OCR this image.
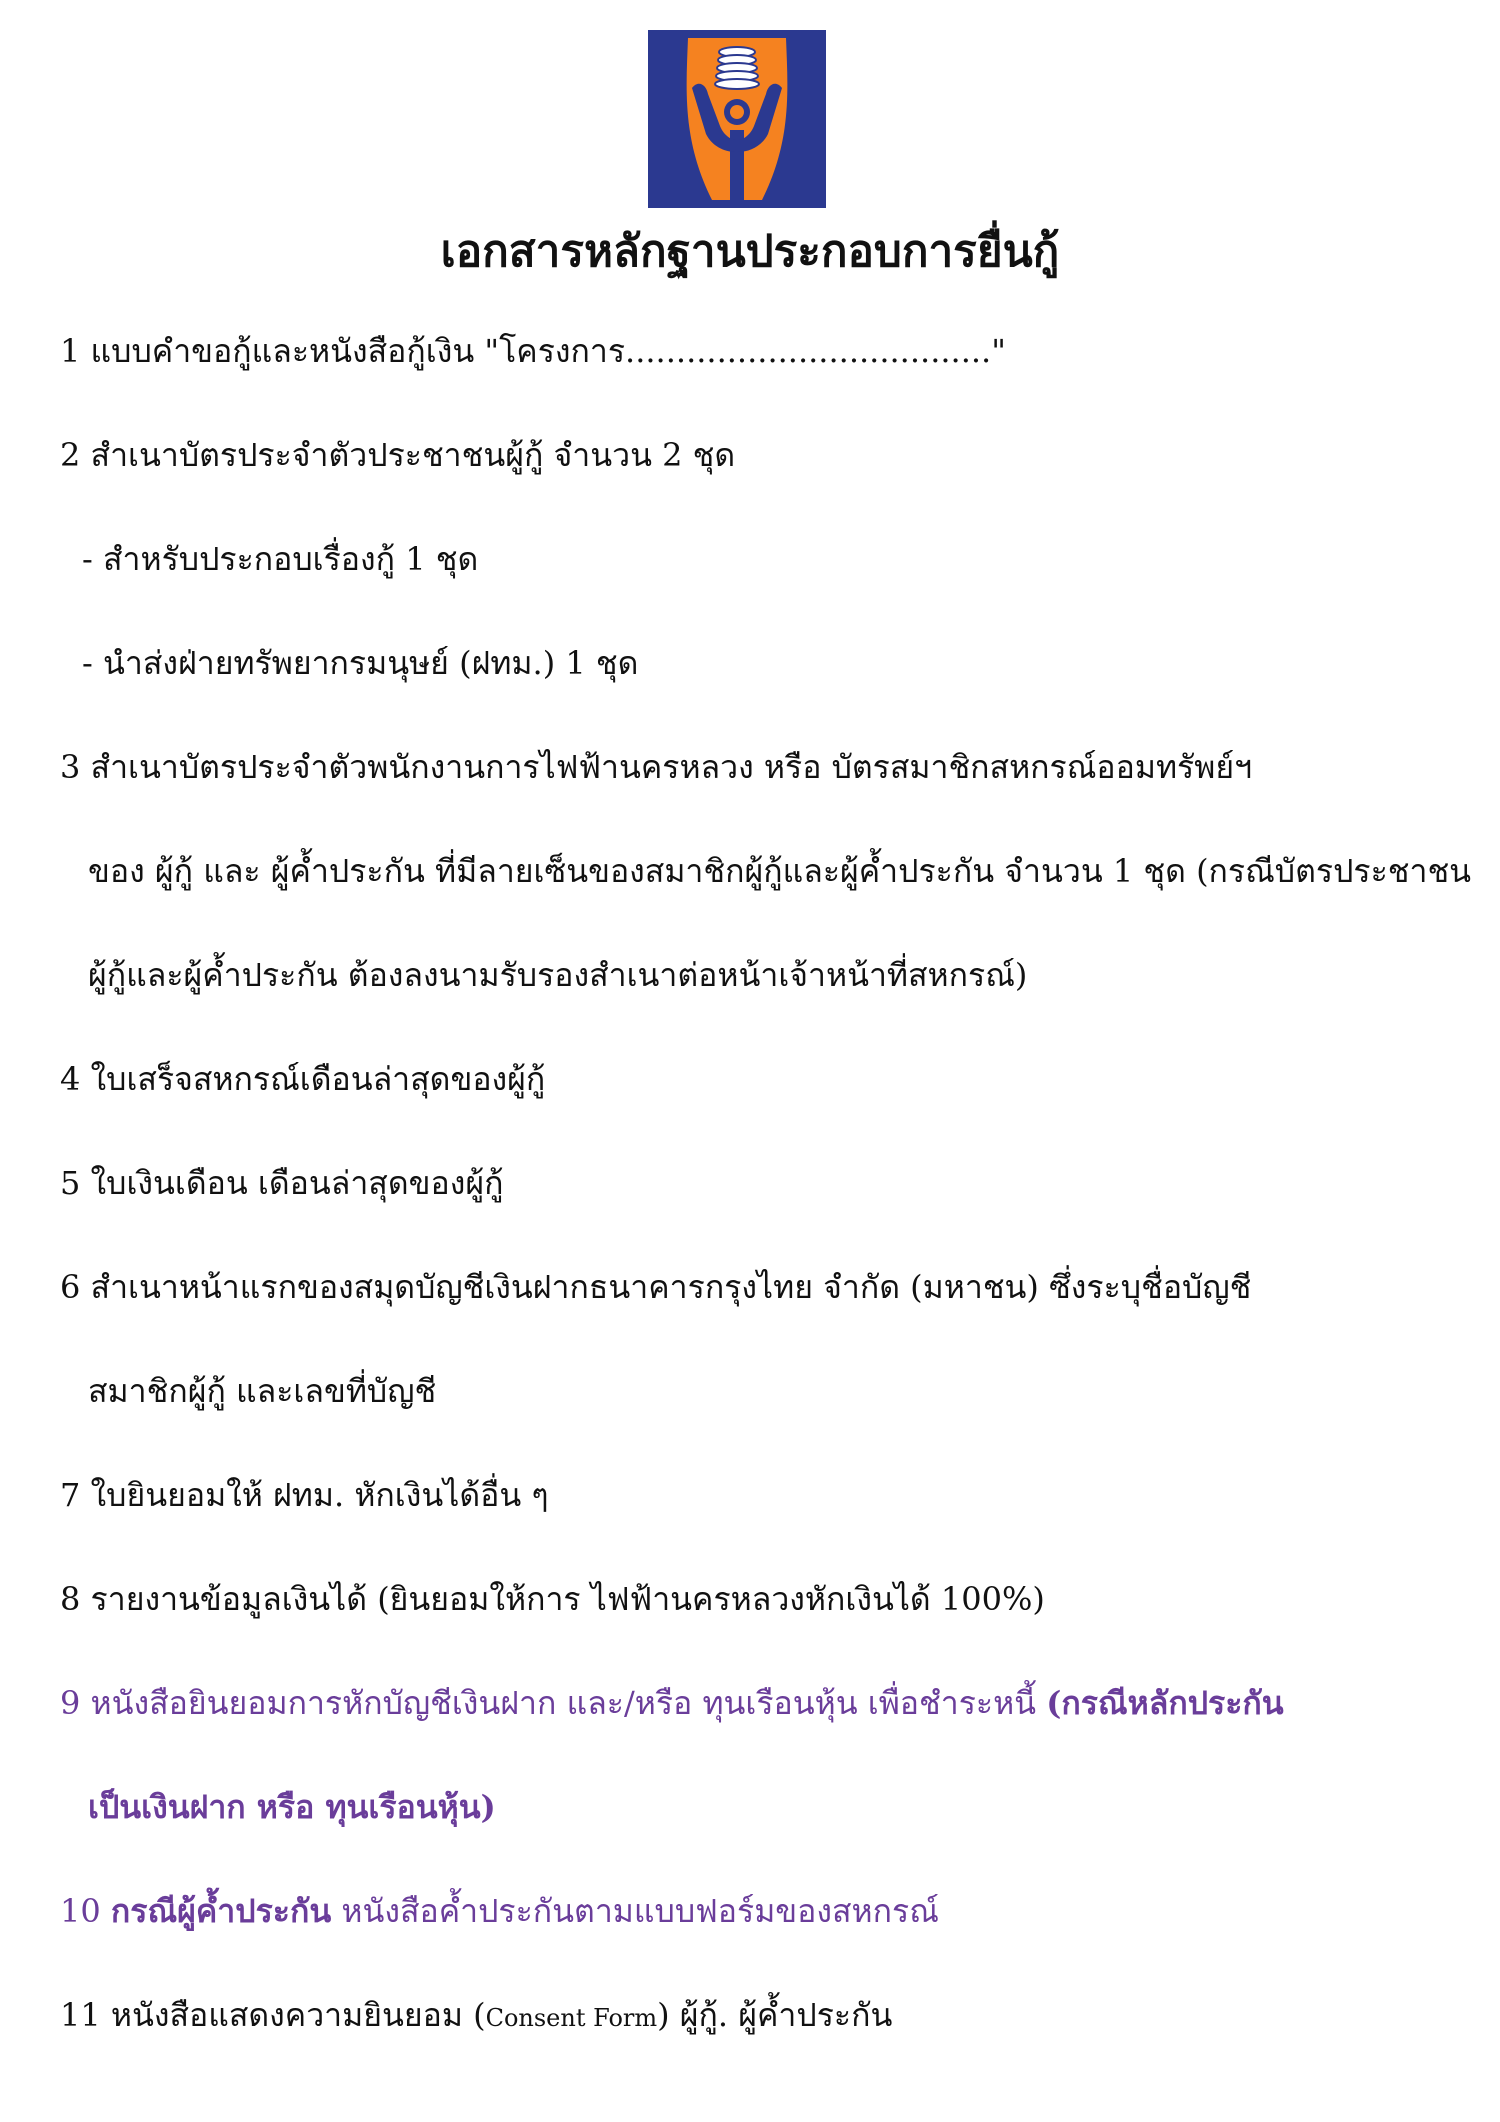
เอกสารหลักฐานประกอบการยื่นกู้
1 แบบคำขอกู้และหนังสือกู้เงิน "โครงการ...................................."
2 สำเนาบัตรประจำตัวประชาชนผู้กู้ จำนวน 2 ชุด
- สำหรับประกอบเรื่องกู้ 1 ชุด
- นำส่งฝ่ายทรัพยากรมนุษย์ (ฝทม.) 1 ชุด
3 สำเนาบัตรประจำตัวพนักงานการไฟฟ้านครหลวง หรือ บัตรสมาชิกสหกรณ์ออมทรัพย์ฯ
ของ ผู้กู้ และ ผู้ค้ำประกัน ที่มีลายเซ็นของสมาชิกผู้กู้และผู้ค้ำประกัน จำนวน 1 ชุด (กรณีบัตรประชาชน
ผู้กู้และผู้ค้ำประกัน ต้องลงนามรับรองสำเนาต่อหน้าเจ้าหน้าที่สหกรณ์)
4 ใบเสร็จสหกรณ์เดือนล่าสุดของผู้กู้
5 ใบเงินเดือน เดือนล่าสุดของผู้กู้
6 สำเนาหน้าแรกของสมุดบัญชีเงินฝากธนาคารกรุงไทย จำกัด (มหาชน) ซึ่งระบุชื่อบัญชี
สมาชิกผู้กู้ และเลขที่บัญชี
7 ใบยินยอมให้ ฝทม. หักเงินได้อื่น ๆ
8 รายงานข้อมูลเงินได้ (ยินยอมให้การ ไฟฟ้านครหลวงหักเงินได้ 100%)
9 หนังสือยินยอมการหักบัญชีเงินฝาก และ/หรือ ทุนเรือนหุ้น เพื่อชำระหนี้ (กรณีหลักประกัน
เป็นเงินฝาก หรือ ทุนเรือนหุ้น)
10 กรณีผู้ค้ำประกัน หนังสือค้ำประกันตามแบบฟอร์มของสหกรณ์
11 หนังสือแสดงความยินยอม (Consent Form) ผู้กู้. ผู้ค้ำประกัน
